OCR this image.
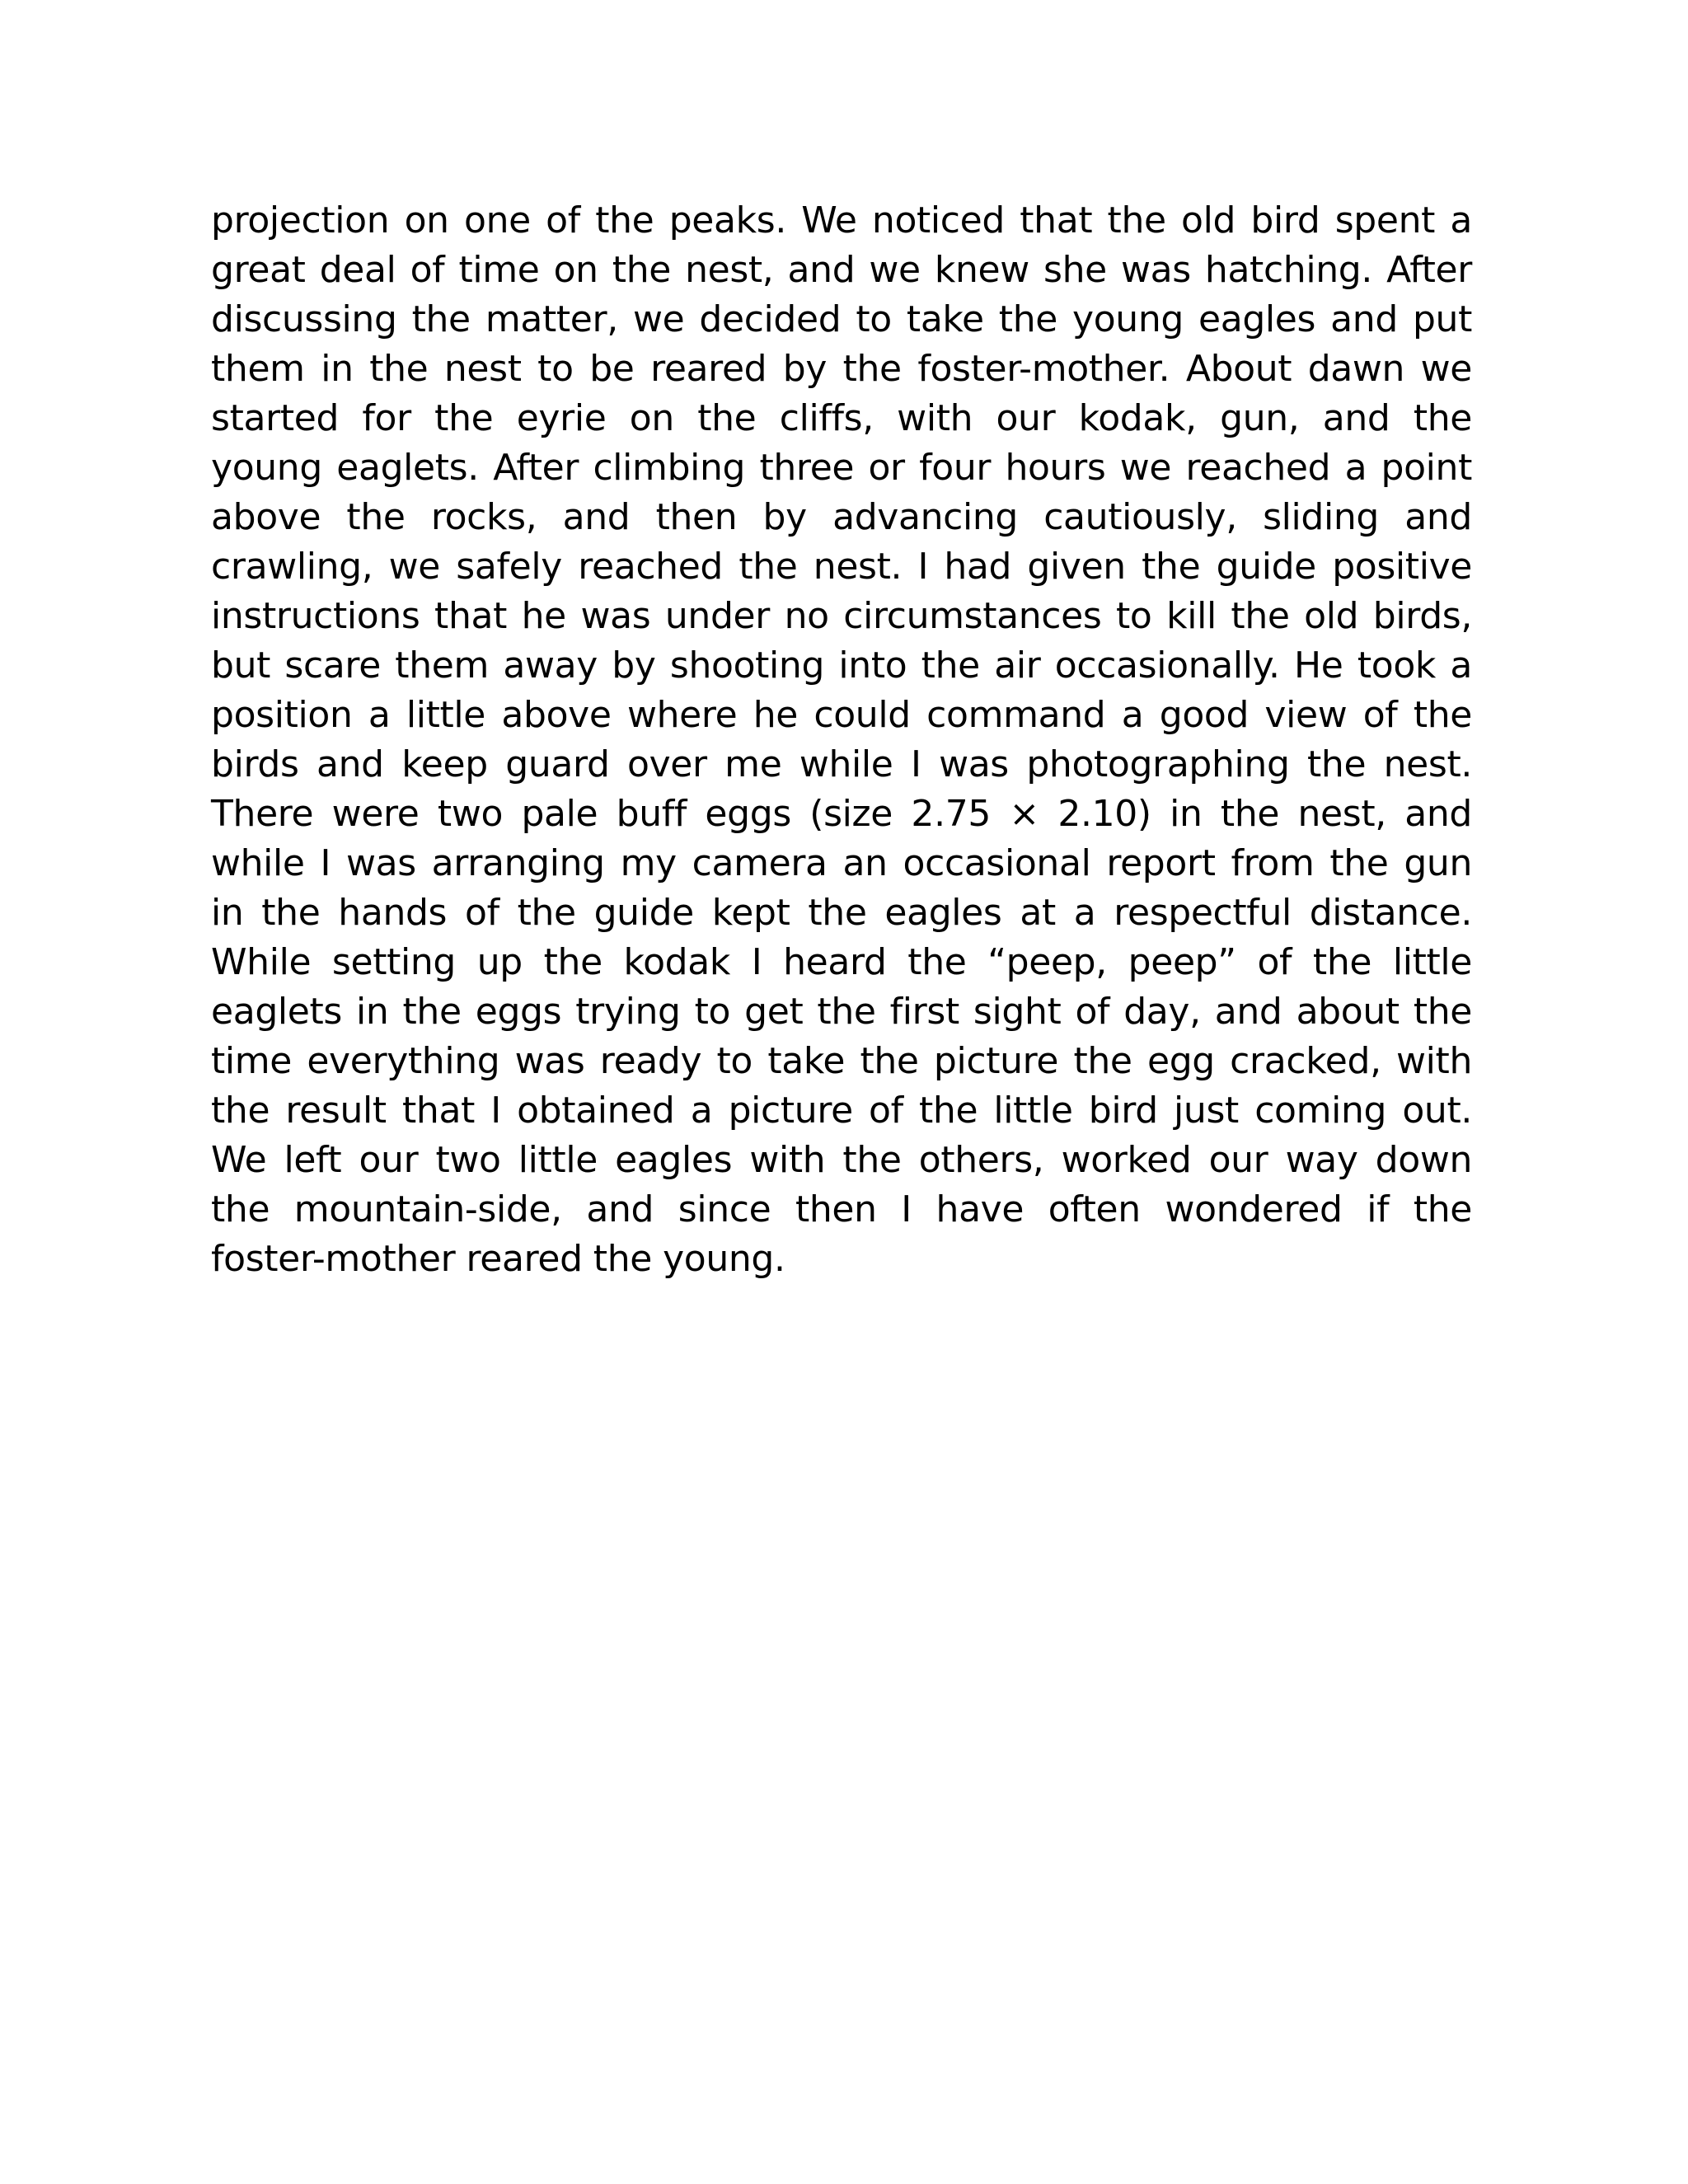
projection on one of the peaks. We noticed that the old bird spent a
great deal of time on the nest, and we knew she was hatching. After
discussing the matter, we decided to take the young eagles and put
them in the nest to be reared by the foster-mother. About dawn we
started for the eyrie on the cliffs, with our kodak, gun, and the
young eaglets. After climbing three or four hours we reached a point
above the rocks, and then by advancing cautiously, sliding and
crawling, we safely reached the nest. I had given the guide positive
instructions that he was under no circumstances to kill the old birds,
but scare them away by shooting into the air occasionally. He took a
position a little above where he could command a good view of the
birds and keep guard over me while I was photographing the nest.
There were two pale buff eggs (size 2.75 × 2.10) in the nest, and
while I was arranging my camera an occasional report from the gun
in the hands of the guide kept the eagles at a respectful distance.
While setting up the kodak I heard the “peep, peep” of the little
eaglets in the eggs trying to get the first sight of day, and about the
time everything was ready to take the picture the egg cracked, with
the result that I obtained a picture of the little bird just coming out.
We left our two little eagles with the others, worked our way down
the mountain-side, and since then I have often wondered if the
foster-mother reared the young.
